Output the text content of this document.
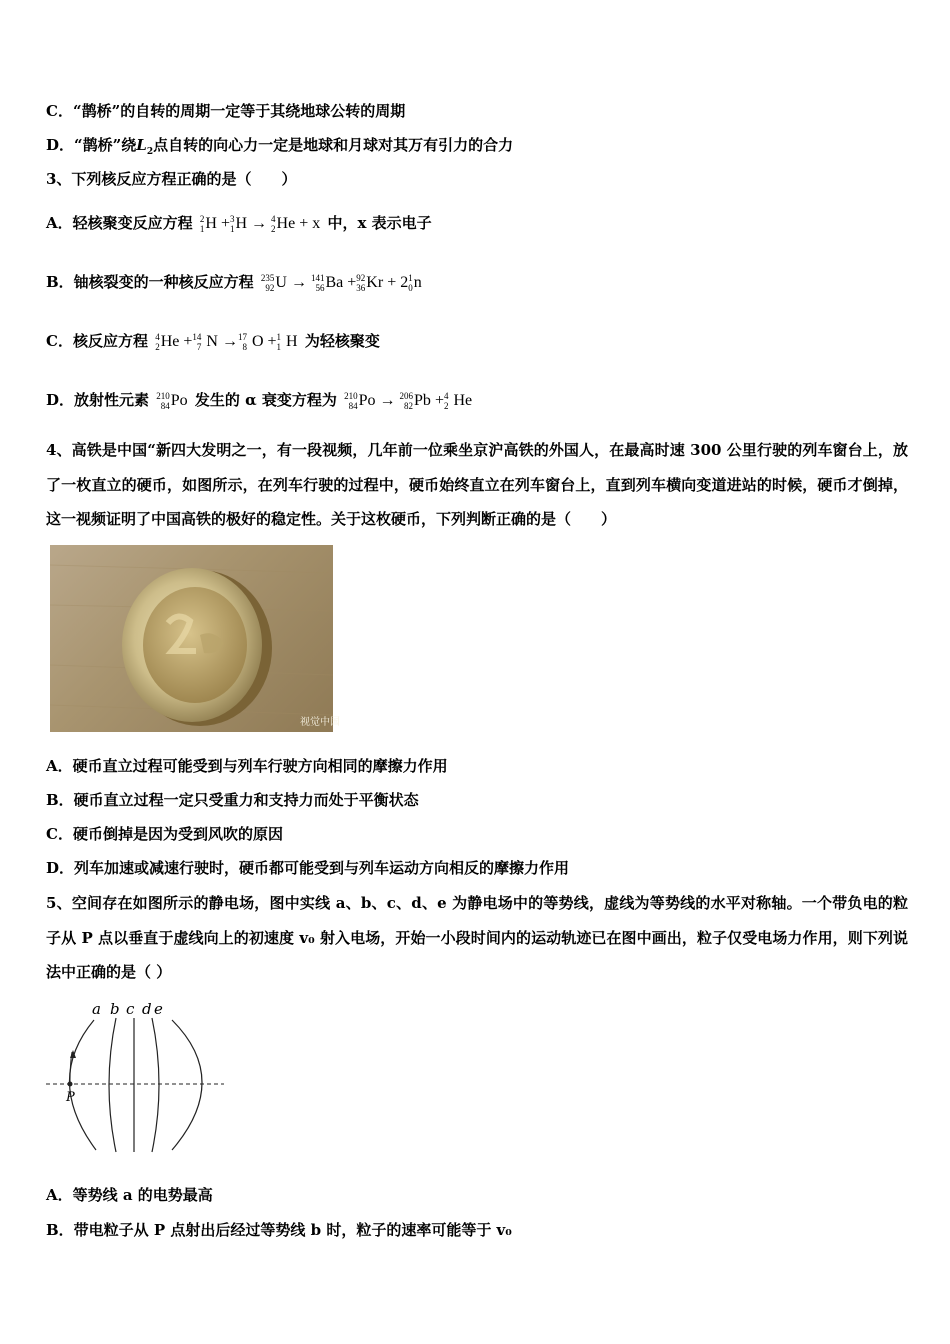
C．“鹊桥”的自转的周期一定等于其绕地球公转的周期
D．“鹊桥”绕$L_2$点自转的向心力一定是地球和月球对其万有引力的合力
3、下列核反应方程正确的是（　　）
A．轻核聚变反应方程 2
1 H + 3
1 H → 4
2 He + x 中，x 表示电子
B．铀核裂变的一种核反应方程 235
92 U → 141
56 Ba + 92
36 Kr + 2 1
0 n
C．核反应方程 4
2 He + 14
7 N → 17
8 O + 1
1 H 为轻核聚变
D．放射性元素 210
84 Po 发生的 α 衰变方程为 210
84 Po → 206
82 Pb + 4
2 He
4、高铁是中国“新四大发明之一，有一段视频，几年前一位乘坐京沪高铁的外国人，在最高时速 300 公里行驶的列车窗台上，放了一枚直立的硬币，如图所示，在列车行驶的过程中，硬币始终直立在列车窗台上，直到列车横向变道进站的时候，硬币才倒掉，这一视频证明了中国高铁的极好的稳定性。关于这枚硬币，下列判断正确的是（　　）
视觉中国
A．硬币直立过程可能受到与列车行驶方向相同的摩擦力作用
B．硬币直立过程一定只受重力和支持力而处于平衡状态
C．硬币倒掉是因为受到风吹的原因
D．列车加速或减速行驶时，硬币都可能受到与列车运动方向相反的摩擦力作用
5、空间存在如图所示的静电场，图中实线 a、b、c、d、e 为静电场中的等势线，虚线为等势线的水平对称轴。一个带负电的粒子从 P 点以垂直于虚线向上的初速度 v₀ 射入电场，开始一小段时间内的运动轨迹已在图中画出，粒子仅受电场力作用，则下列说法中正确的是（ ）
a b c d e
P
A．等势线 a 的电势最高
B．带电粒子从 P 点射出后经过等势线 b 时，粒子的速率可能等于 v₀
